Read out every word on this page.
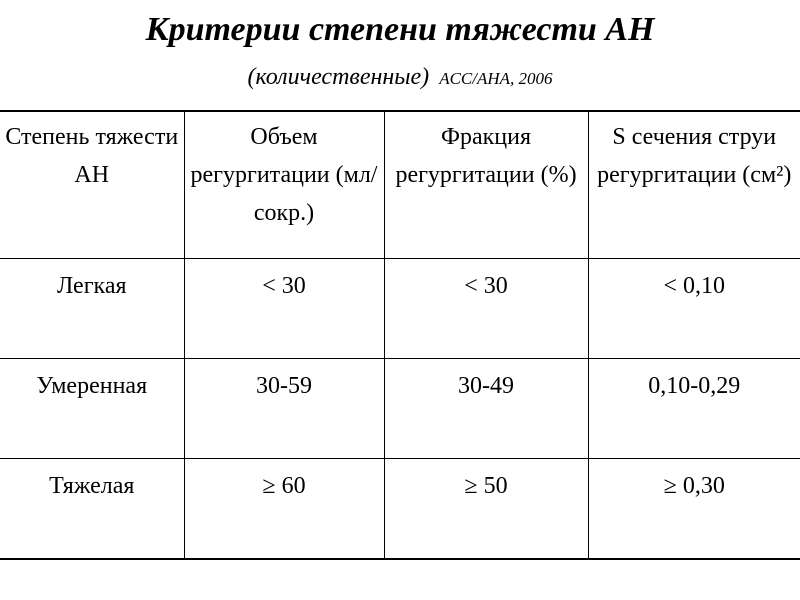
Критерии степени тяжести АН
(количественные) ACC/AHA, 2006
Степень тяжести АН	Объем регургитации (мл/сокр.)	Фракция регургитации (%)	S сечения струи регургитации (см²)

Легкая	< 30	< 30	< 0,10
Умеренная	30-59	30-49	0,10-0,29
Тяжелая	≥ 60	≥ 50	≥ 0,30
